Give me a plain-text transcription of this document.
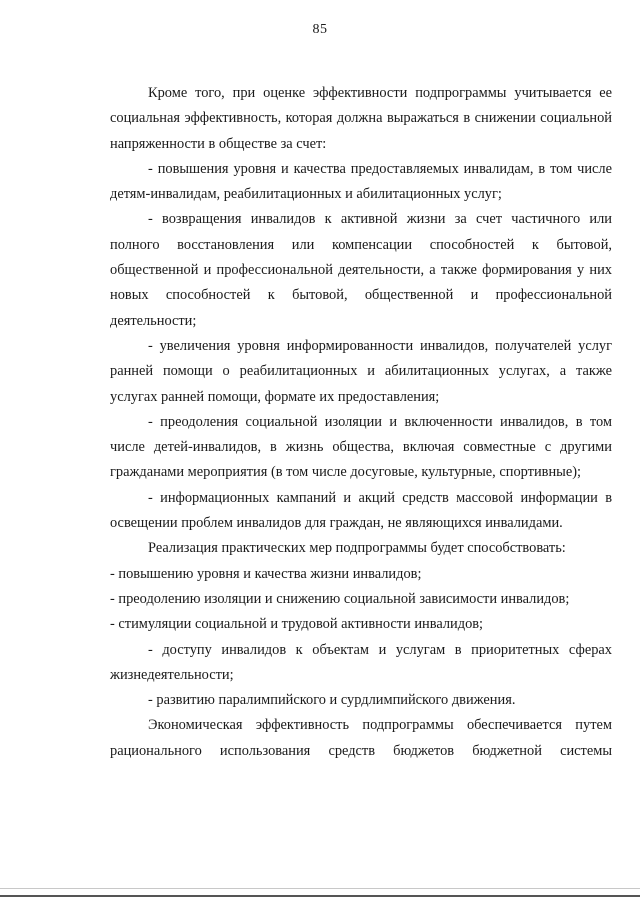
85

Кроме того, при оценке эффективности подпрограммы учитывается ее социальная эффективность, которая должна выражаться в снижении социальной напряженности в обществе за счет:

- повышения уровня и качества предоставляемых инвалидам, в том числе детям-инвалидам, реабилитационных и абилитационных услуг;

- возвращения инвалидов к активной жизни за счет частичного или полного восстановления или компенсации способностей к бытовой, общественной и профессиональной деятельности, а также формирования у них новых способностей к бытовой, общественной и профессиональной деятельности;

- увеличения уровня информированности инвалидов, получателей услуг ранней помощи о реабилитационных и абилитационных услугах, а также услугах ранней помощи, формате их предоставления;

- преодоления социальной изоляции и включенности инвалидов, в том числе детей-инвалидов, в жизнь общества, включая совместные с другими гражданами мероприятия (в том числе досуговые, культурные, спортивные);

- информационных кампаний и акций средств массовой информации в освещении проблем инвалидов для граждан, не являющихся инвалидами.

Реализация практических мер подпрограммы будет способствовать:

- повышению уровня и качества жизни инвалидов;

- преодолению изоляции и снижению социальной зависимости инвалидов;

- стимуляции социальной и трудовой активности инвалидов;

- доступу инвалидов к объектам и услугам в приоритетных сферах жизнедеятельности;

- развитию паралимпийского и сурдлимпийского движения.

Экономическая эффективность подпрограммы обеспечивается путем рационального использования средств бюджетов бюджетной системы
